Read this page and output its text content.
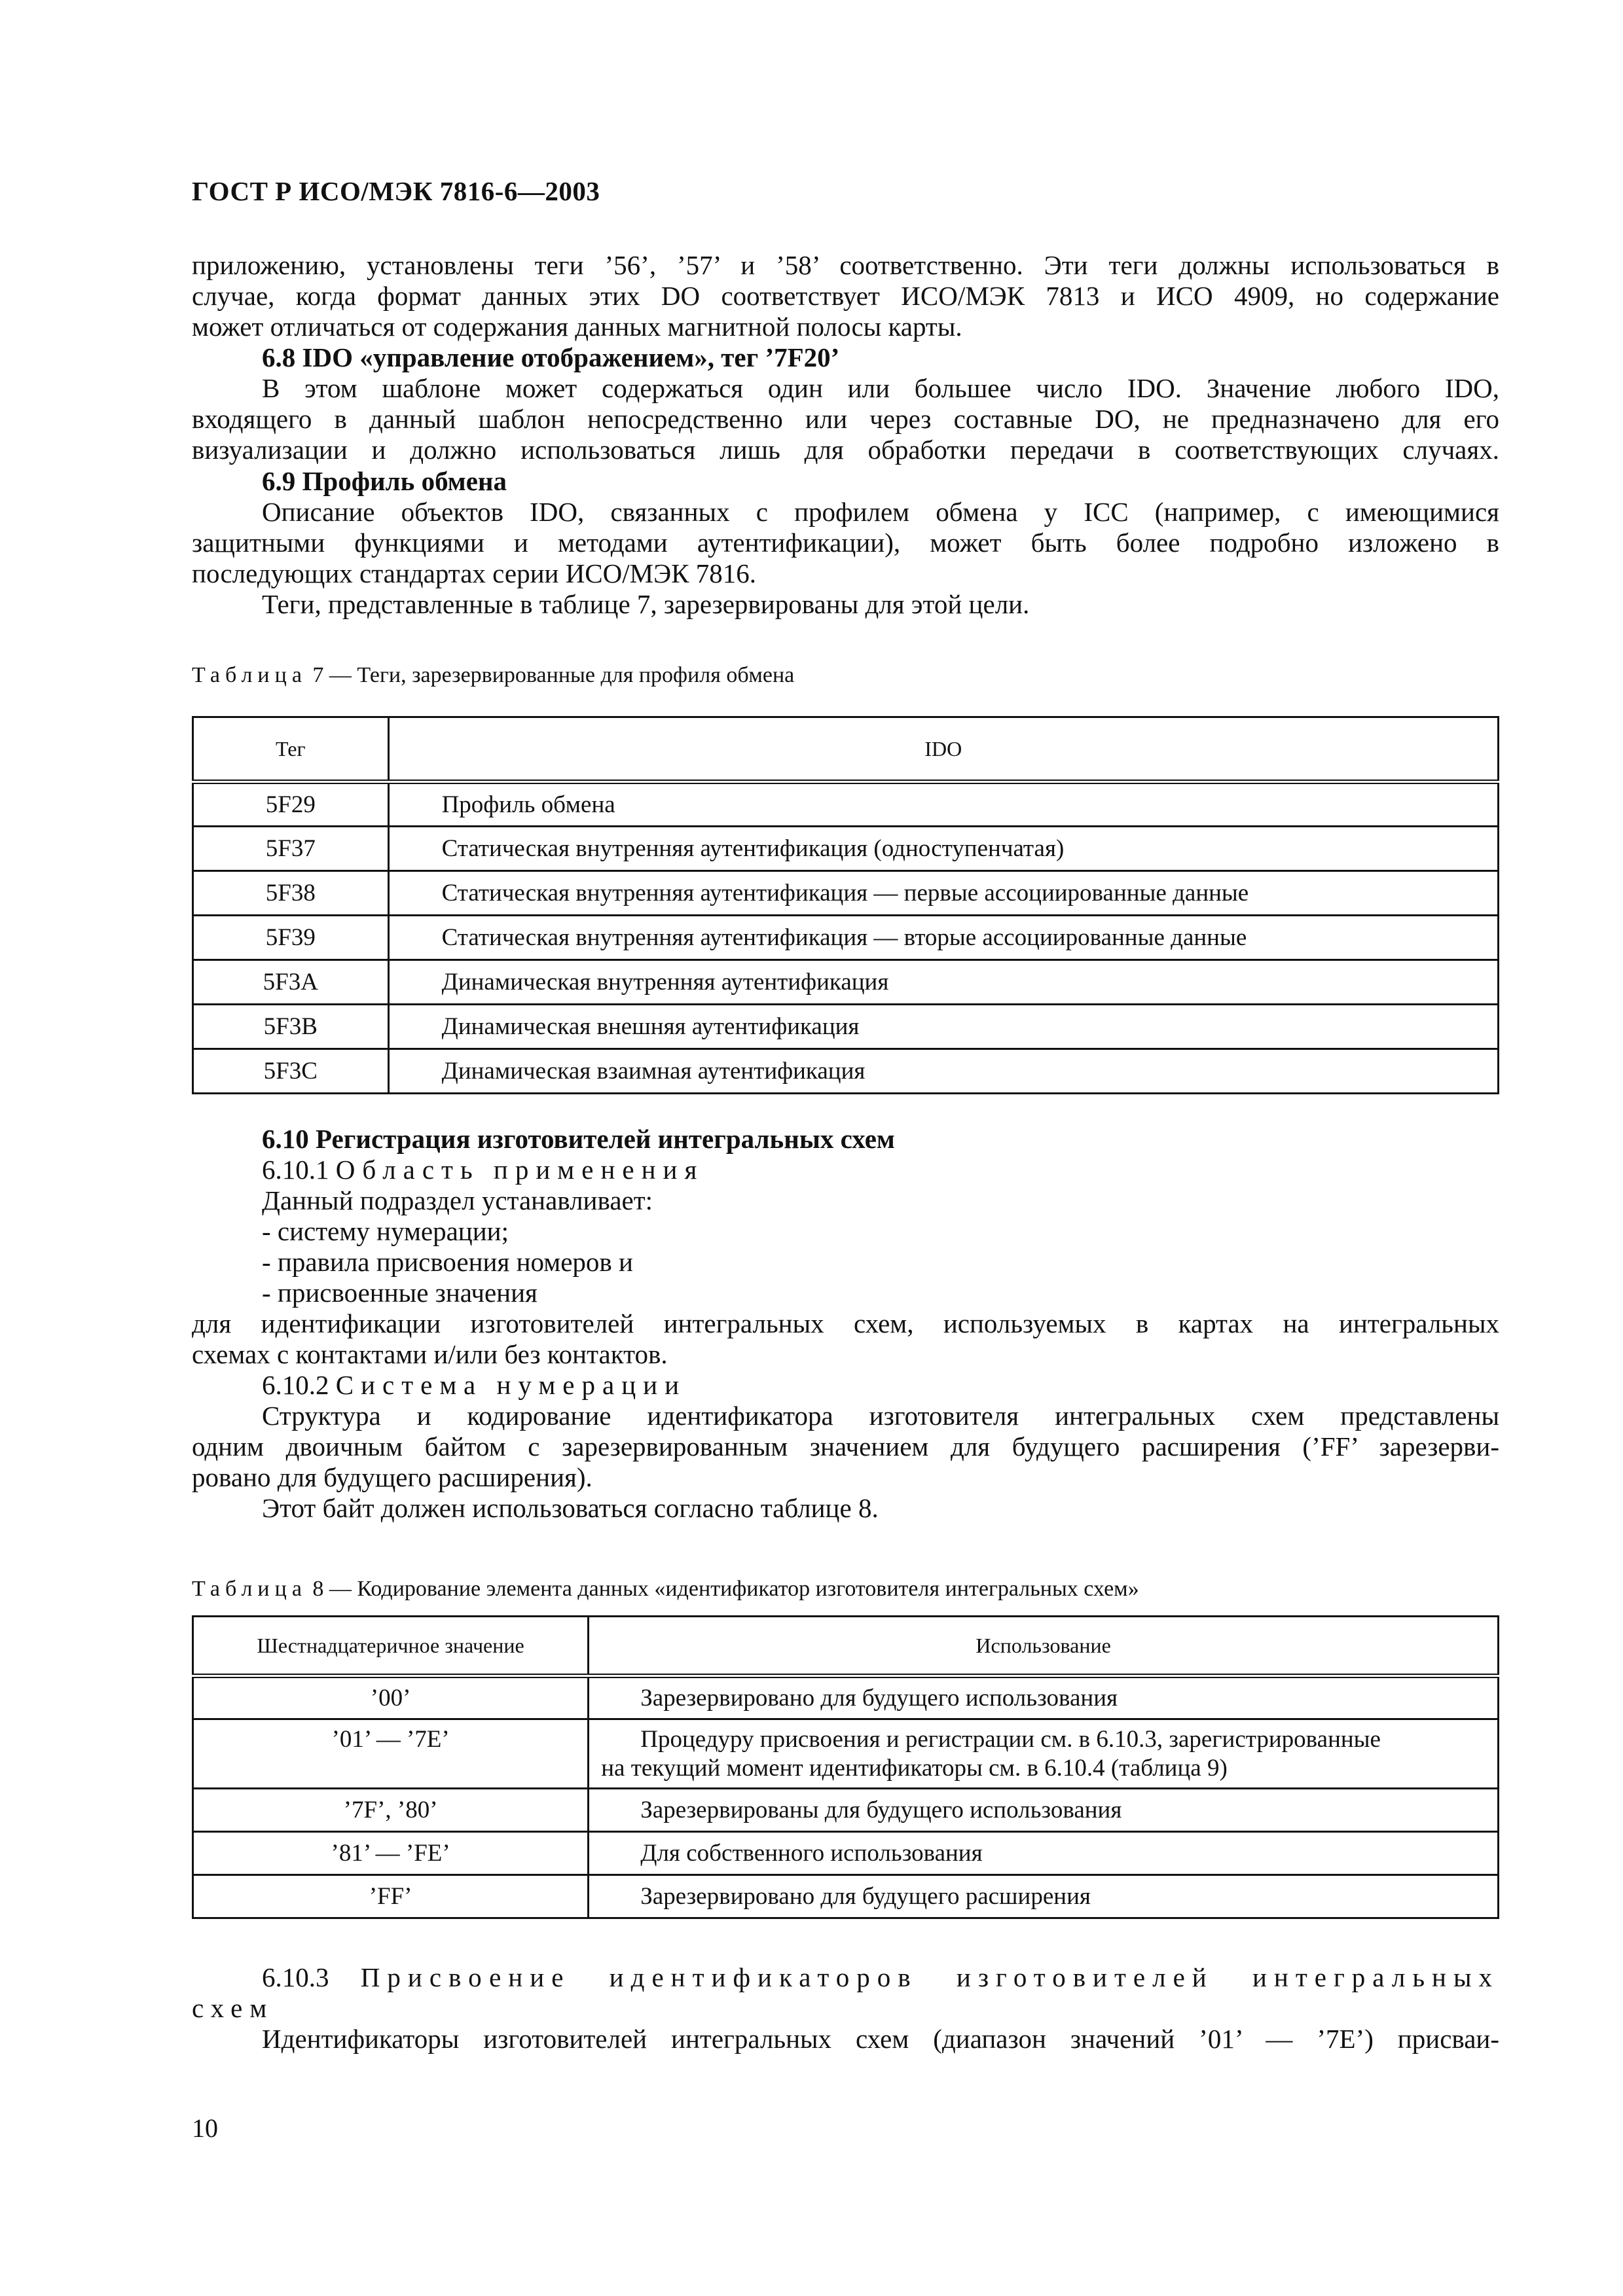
ГОСТ Р ИСО/МЭК 7816-6—2003
приложению, установлены теги ’56’, ’57’ и ’58’ соответственно. Эти теги должны использоваться в
случае, когда формат данных этих DO соответствует ИСО/МЭК 7813 и ИСО 4909, но содержание
может отличаться от содержания данных магнитной полосы карты.
6.8 IDO «управление отображением», тег ’7F20’
В этом шаблоне может содержаться один или большее число IDO. Значение любого IDO,
входящего в данный шаблон непосредственно или через составные DO, не предназначено для его
визуализации и должно использоваться лишь для обработки передачи в соответствующих случаях.
6.9 Профиль обмена
Описание объектов IDO, связанных с профилем обмена у ICC (например, с имеющимися
защитными функциями и методами аутентификации), может быть более подробно изложено в
последующих стандартах серии ИСО/МЭК 7816.
Теги, представленные в таблице 7, зарезервированы для этой цели.
Таблица 7 — Теги, зарезервированные для профиля обмена
Тег	IDO
5F29	Профиль обмена
5F37	Статическая внутренняя аутентификация (одноступенчатая)
5F38	Статическая внутренняя аутентификация — первые ассоциированные данные
5F39	Статическая внутренняя аутентификация — вторые ассоциированные данные
5F3A	Динамическая внутренняя аутентификация
5F3B	Динамическая внешняя аутентификация
5F3C	Динамическая взаимная аутентификация
6.10 Регистрация изготовителей интегральных схем
6.10.1 Область применения
Данный подраздел устанавливает:
- систему нумерации;
- правила присвоения номеров и
- присвоенные значения
для идентификации изготовителей интегральных схем, используемых в картах на интегральных
схемах с контактами и/или без контактов.
6.10.2 Система нумерации
Структура и кодирование идентификатора изготовителя интегральных схем представлены
одним двоичным байтом с зарезервированным значением для будущего расширения (’FF’ зарезерви-
ровано для будущего расширения).
Этот байт должен использоваться согласно таблице 8.
Таблица 8 — Кодирование элемента данных «идентификатор изготовителя интегральных схем»
Шестнадцатеричное значение	Использование
’00’	Зарезервировано для будущего использования
’01’ — ’7E’	Процедуру присвоения и регистрации см. в 6.10.3, зарегистрированные
на текущий момент идентификаторы см. в 6.10.4 (таблица 9)

’7F’, ’80’	Зарезервированы для будущего использования
’81’ — ’FE’	Для собственного использования
’FF’	Зарезервировано для будущего расширения
6.10.3 Присвоение идентификаторов изготовителей интегральных
схем
Идентификаторы изготовителей интегральных схем (диапазон значений ’01’ — ’7E’) присваи-
10
